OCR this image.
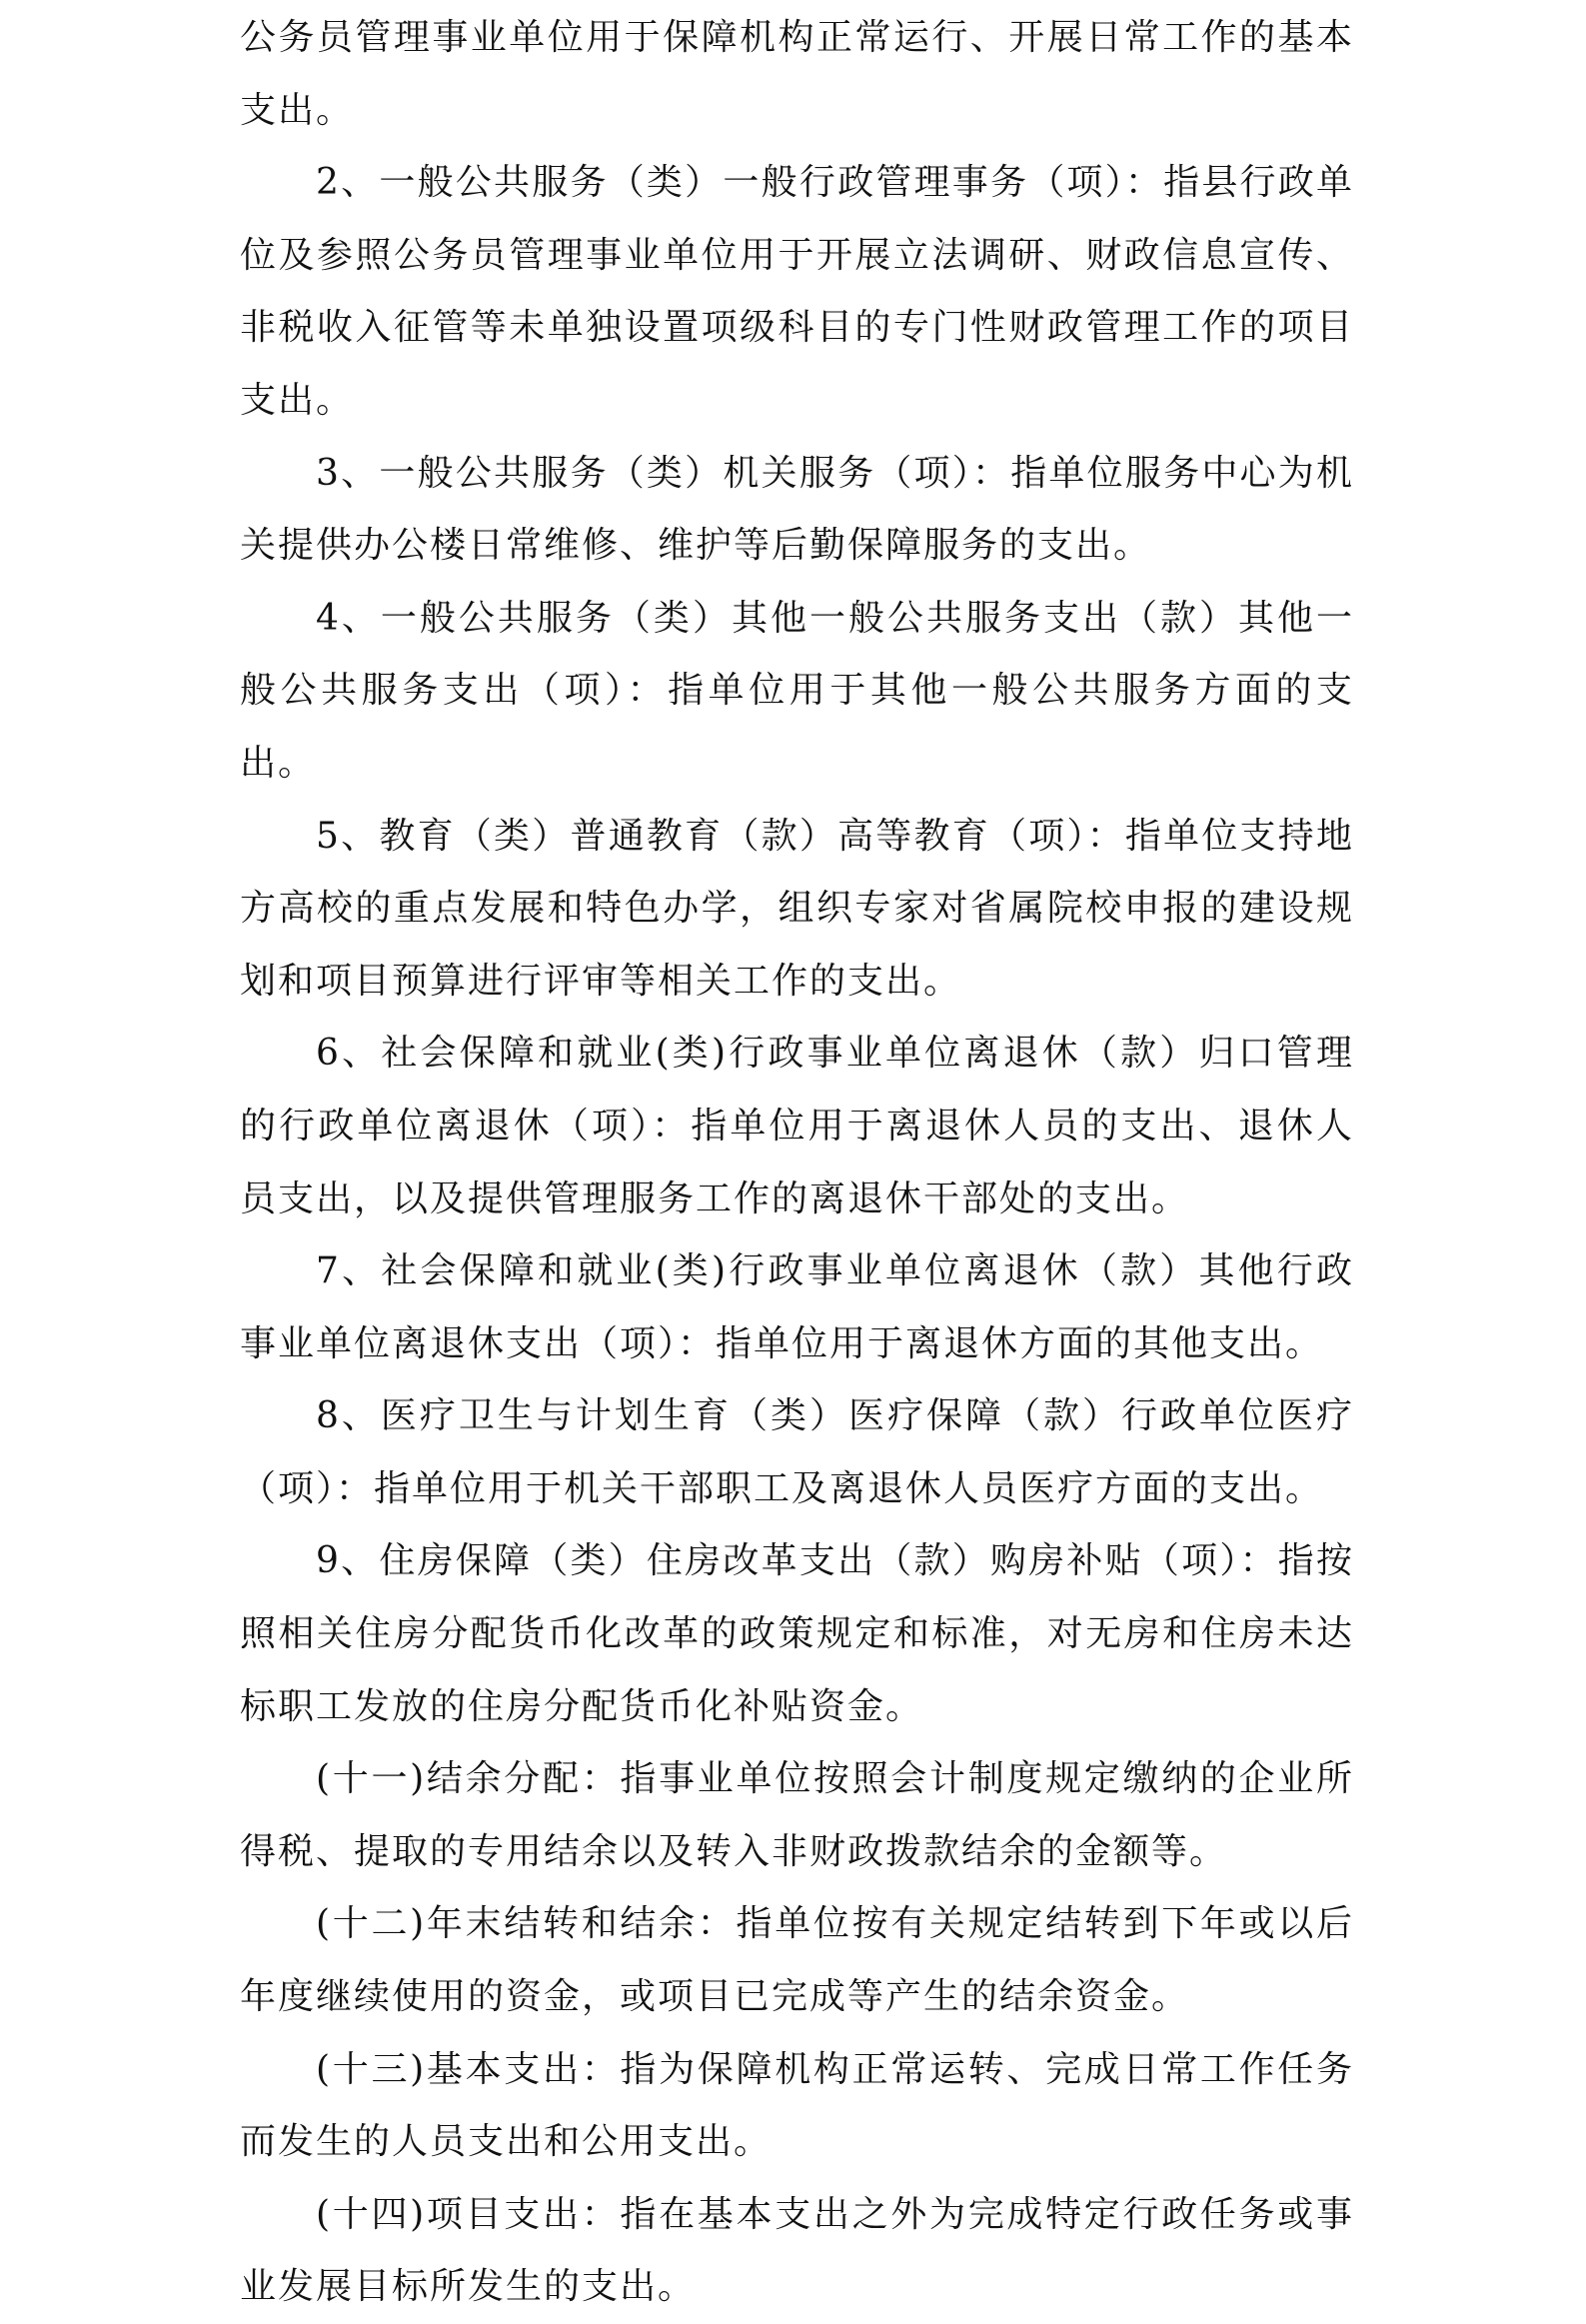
公务员管理事业单位用于保障机构正常运行、开展日常工作的基本支出。

2、一般公共服务（类）一般行政管理事务（项）：指县行政单位及参照公务员管理事业单位用于开展立法调研、财政信息宣传、非税收入征管等未单独设置项级科目的专门性财政管理工作的项目支出。

3、一般公共服务（类）机关服务（项）：指单位服务中心为机关提供办公楼日常维修、维护等后勤保障服务的支出。

4、一般公共服务（类）其他一般公共服务支出（款）其他一般公共服务支出（项）：指单位用于其他一般公共服务方面的支出。

5、教育（类）普通教育（款）高等教育（项）：指单位支持地方高校的重点发展和特色办学，组织专家对省属院校申报的建设规划和项目预算进行评审等相关工作的支出。

6、社会保障和就业(类)行政事业单位离退休（款）归口管理的行政单位离退休（项）：指单位用于离退休人员的支出、退休人员支出，以及提供管理服务工作的离退休干部处的支出。

7、社会保障和就业(类)行政事业单位离退休（款）其他行政事业单位离退休支出（项）：指单位用于离退休方面的其他支出。

8、医疗卫生与计划生育（类）医疗保障（款）行政单位医疗（项）：指单位用于机关干部职工及离退休人员医疗方面的支出。

9、住房保障（类）住房改革支出（款）购房补贴（项）：指按照相关住房分配货币化改革的政策规定和标准，对无房和住房未达标职工发放的住房分配货币化补贴资金。

(十一)结余分配：指事业单位按照会计制度规定缴纳的企业所得税、提取的专用结余以及转入非财政拨款结余的金额等。

(十二)年末结转和结余：指单位按有关规定结转到下年或以后年度继续使用的资金，或项目已完成等产生的结余资金。

(十三)基本支出：指为保障机构正常运转、完成日常工作任务而发生的人员支出和公用支出。

(十四)项目支出：指在基本支出之外为完成特定行政任务或事业发展目标所发生的支出。
